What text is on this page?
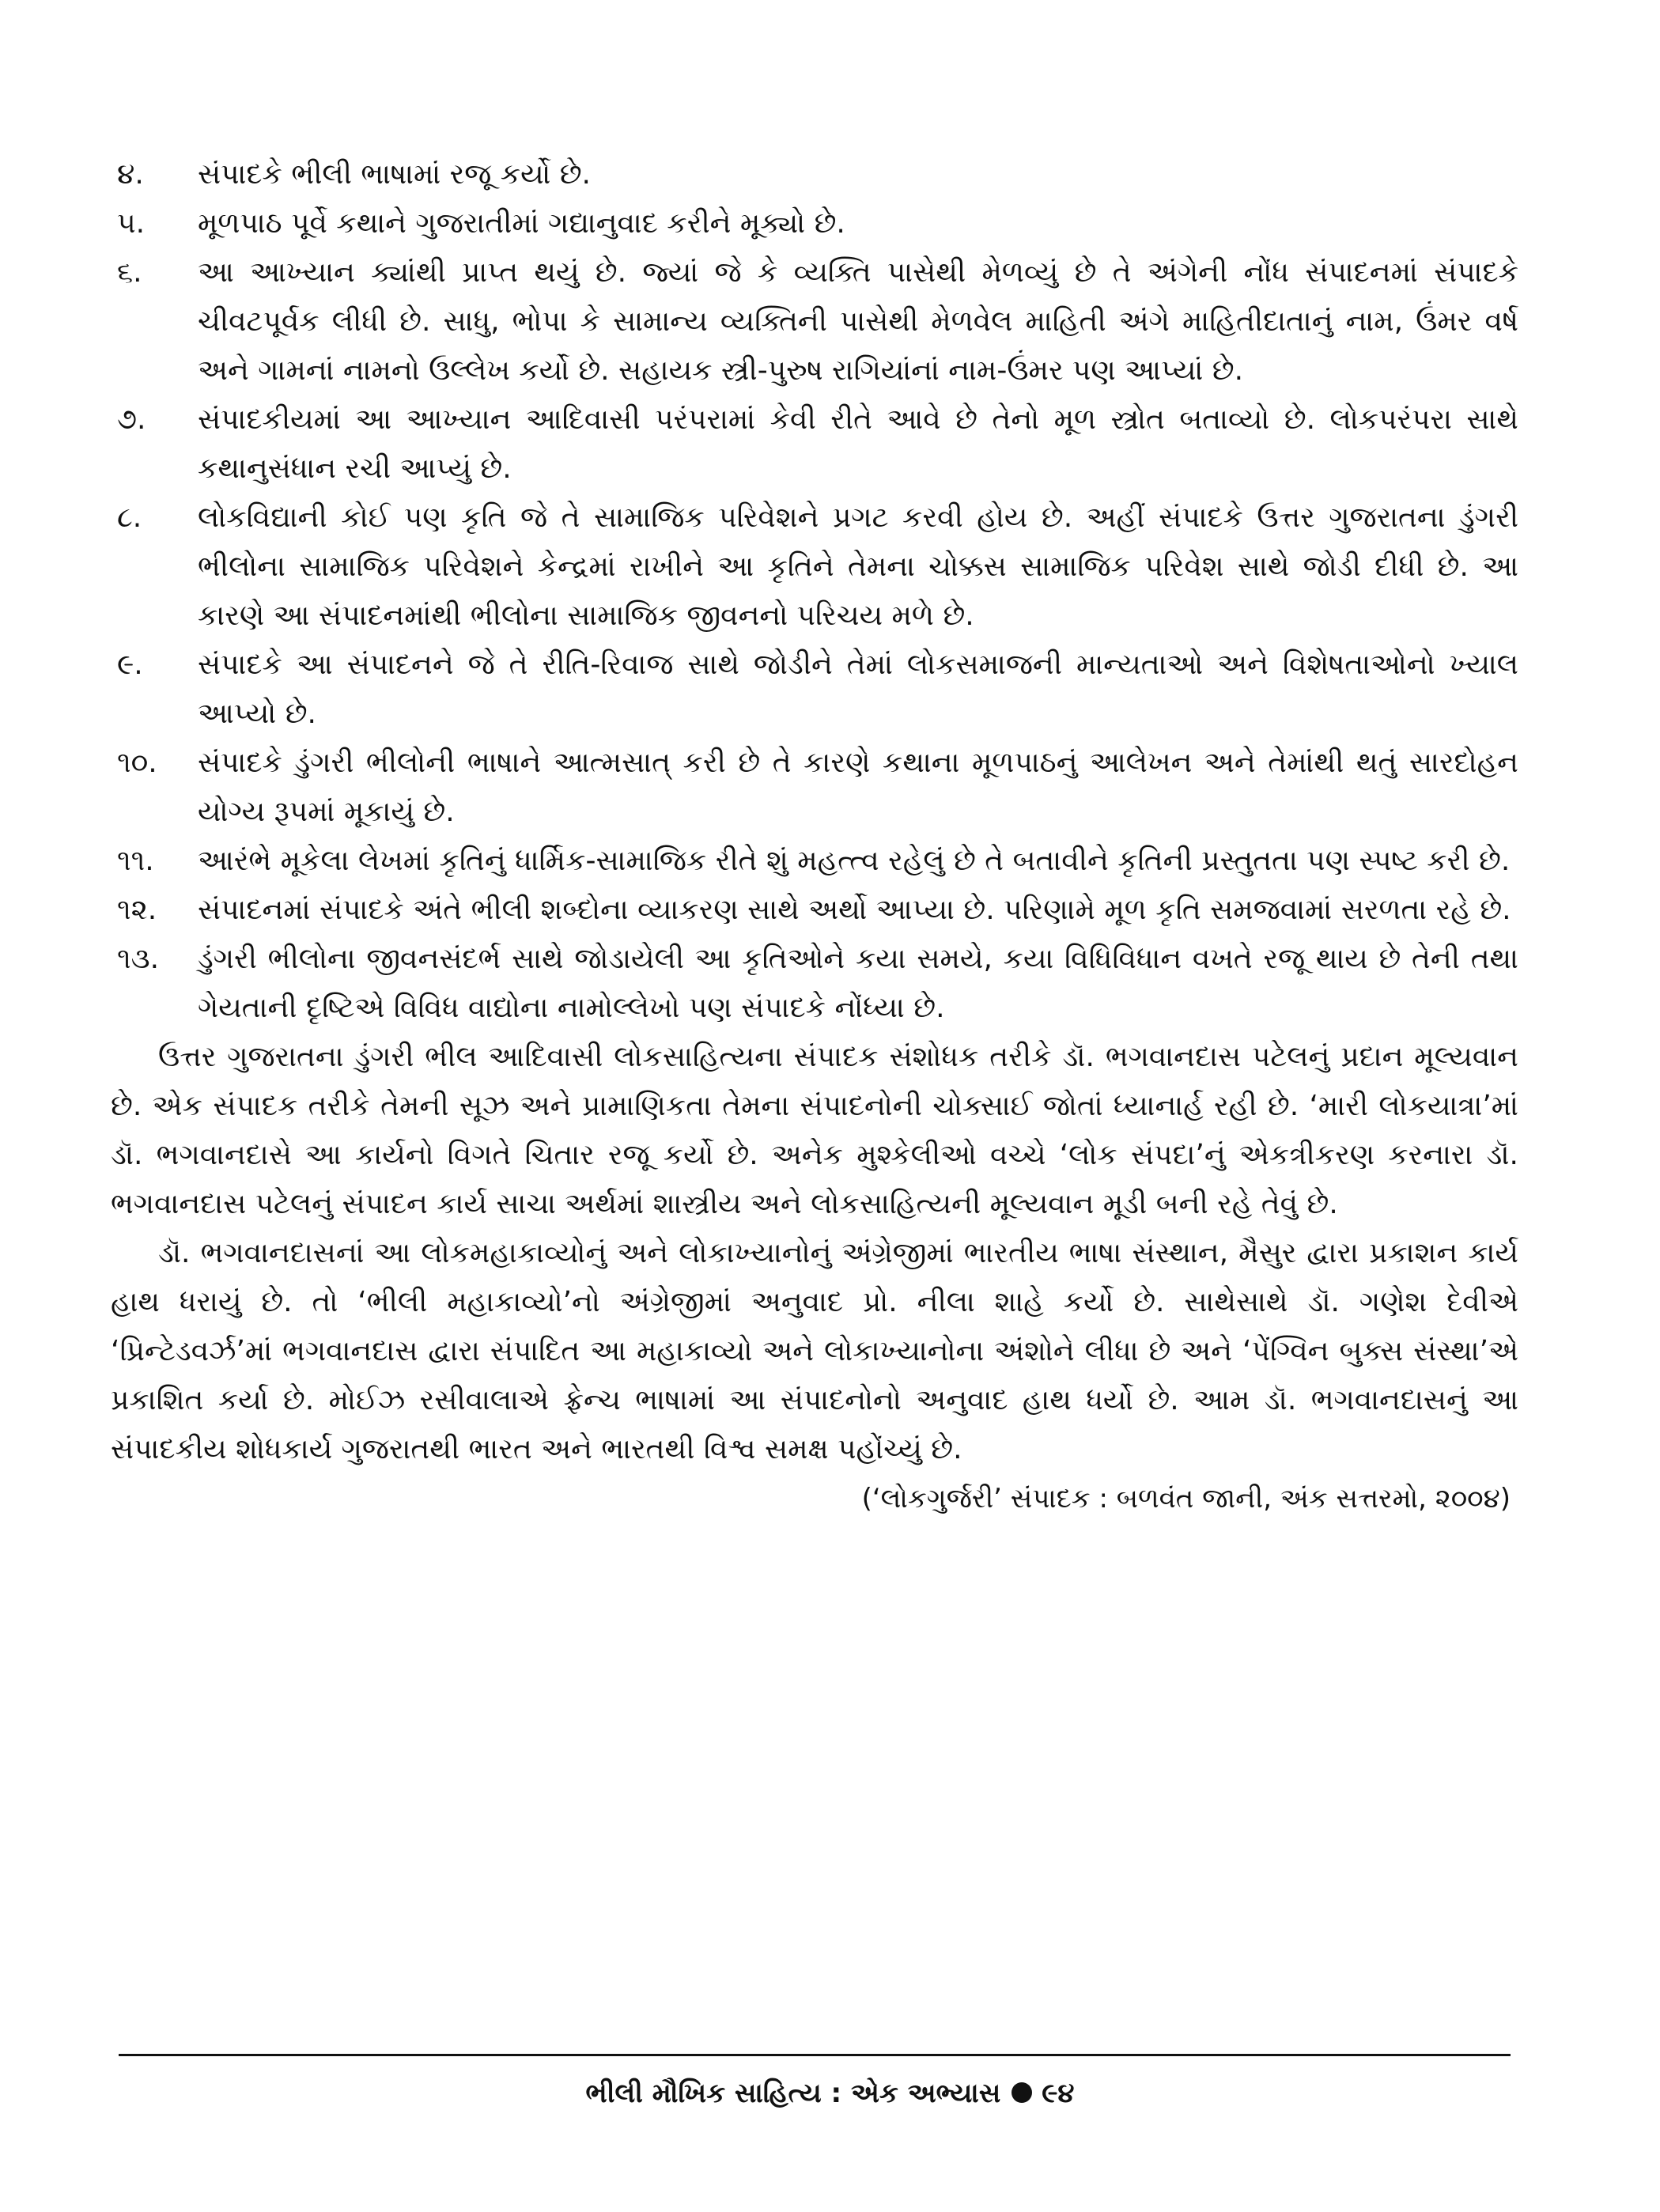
૪.	સંપાદકે ભીલી ભાષામાં રજૂ કર્યો છે.
૫.	મૂળપાઠ પૂર્વે કથાને ગુજરાતીમાં ગદ્યાનુવાદ કરીને મૂક્યો છે.
૬.	આ આખ્યાન ક્યાંથી પ્રાપ્ત થયું છે. જ્યાં જે કે વ્યક્તિ પાસેથી મેળવ્યું છે તે અંગેની નોંધ સંપાદનમાં સંપાદકે ચીવટપૂર્વક લીધી છે. સાધુ, ભોપા કે સામાન્ય વ્યક્તિની પાસેથી મેળવેલ માહિતી અંગે માહિતીદાતાનું નામ, ઉંમર વર્ષ અને ગામનાં નામનો ઉલ્લેખ કર્યો છે. સહાયક સ્ત્રી-પુરુષ રાગિયાંનાં નામ-ઉંમર પણ આપ્યાં છે.
૭.	સંપાદકીયમાં આ આખ્યાન આદિવાસી પરંપરામાં કેવી રીતે આવે છે તેનો મૂળ સ્ત્રોત બતાવ્યો છે. લોકપરંપરા સાથે કથાનુસંધાન રચી આપ્યું છે.
૮.	લોકવિદ્યાની કોઈ પણ કૃતિ જે તે સામાજિક પરિવેશને પ્રગટ કરવી હોય છે. અહીં સંપાદકે ઉત્તર ગુજરાતના ડુંગરી ભીલોના સામાજિક પરિવેશને કેન્દ્રમાં રાખીને આ કૃતિને તેમના ચોક્કસ સામાજિક પરિવેશ સાથે જોડી દીધી છે. આ કારણે આ સંપાદનમાંથી ભીલોના સામાજિક જીવનનો પરિચય મળે છે.
૯.	સંપાદકે આ સંપાદનને જે તે રીતિ-રિવાજ સાથે જોડીને તેમાં લોકસમાજની માન્યતાઓ અને વિશેષતાઓનો ખ્યાલ આપ્યો છે.
૧૦.	સંપાદકે ડુંગરી ભીલોની ભાષાને આત્મસાત્ કરી છે તે કારણે કથાના મૂળપાઠનું આલેખન અને તેમાંથી થતું સારદોહન યોગ્ય રૂપમાં મૂકાયું છે.
૧૧.	આરંભે મૂકેલા લેખમાં કૃતિનું ધાર્મિક-સામાજિક રીતે શું મહત્ત્વ રહેલું છે તે બતાવીને કૃતિની પ્રસ્તુતતા પણ સ્પષ્ટ કરી છે.
૧૨.	સંપાદનમાં સંપાદકે અંતે ભીલી શબ્દોના વ્યાકરણ સાથે અર્થો આપ્યા છે. પરિણામે મૂળ કૃતિ સમજવામાં સરળતા રહે છે.
૧૩.	ડુંગરી ભીલોના જીવનસંદર્ભ સાથે જોડાયેલી આ કૃતિઓને કયા સમયે, કયા વિધિવિધાન વખતે રજૂ થાય છે તેની તથા ગેયતાની દૃષ્ટિએ વિવિધ વાદ્યોના નામોલ્લેખો પણ સંપાદકે નોંધ્યા છે.

ઉત્તર ગુજરાતના ડુંગરી ભીલ આદિવાસી લોકસાહિત્યના સંપાદક સંશોધક તરીકે ડૉ. ભગવાનદાસ પટેલનું પ્રદાન મૂલ્યવાન છે. એક સંપાદક તરીકે તેમની સૂઝ અને પ્રામાણિકતા તેમના સંપાદનોની ચોક્સાઈ જોતાં ધ્યાનાર્હ રહી છે. ‘મારી લોકયાત્રા’માં ડૉ. ભગવાનદાસે આ કાર્યનો વિગતે ચિતાર રજૂ કર્યો છે. અનેક મુશ્કેલીઓ વચ્ચે ‘લોક સંપદા’નું એકત્રીકરણ કરનારા ડૉ. ભગવાનદાસ પટેલનું સંપાદન કાર્ય સાચા અર્થમાં શાસ્ત્રીય અને લોકસાહિત્યની મૂલ્યવાન મૂડી બની રહે તેવું છે.

ડૉ. ભગવાનદાસનાં આ લોકમહાકાવ્યોનું અને લોકાખ્યાનોનું અંગ્રેજીમાં ભારતીય ભાષા સંસ્થાન, મૈસુર દ્વારા પ્રકાશન કાર્ય હાથ ધરાયું છે. તો ‘ભીલી મહાકાવ્યો’નો અંગ્રેજીમાં અનુવાદ પ્રો. નીલા શાહે કર્યો છે. સાથેસાથે ડૉ. ગણેશ દેવીએ ‘પ્રિન્ટેડવર્ઝ’માં ભગવાનદાસ દ્વારા સંપાદિત આ મહાકાવ્યો અને લોકાખ્યાનોના અંશોને લીધા છે અને ‘પેંગ્વિન બુક્સ સંસ્થા’એ પ્રકાશિત કર્યા છે. મોઈઝ રસીવાલાએ ફ્રેન્ચ ભાષામાં આ સંપાદનોનો અનુવાદ હાથ ધર્યો છે. આમ ડૉ. ભગવાનદાસનું આ સંપાદકીય શોધકાર્ય ગુજરાતથી ભારત અને ભારતથી વિશ્વ સમક્ષ પહોંચ્યું છે.

(‘લોકગુર્જરી’ સંપાદક : બળવંત જાની, અંક સત્તરમો, ૨૦૦૪)

ભીલી મૌખિક સાહિત્ય : એક અભ્યાસ ૯૪
